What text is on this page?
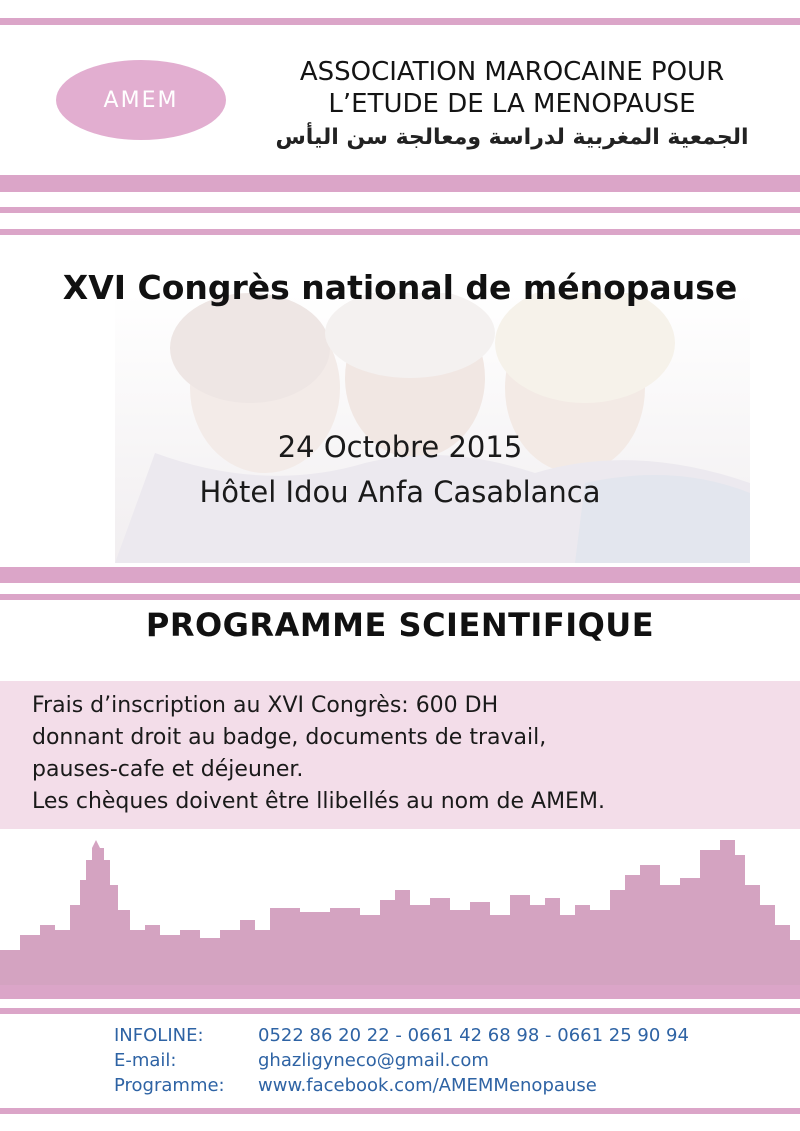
AMEM
ASSOCIATION MAROCAINE POUR
L’ETUDE DE LA MENOPAUSE
الجمعية المغربية لدراسة ومعالجة سن اليأس
XVI Congrès national de ménopause
24 Octobre 2015
Hôtel Idou Anfa Casablanca
PROGRAMME SCIENTIFIQUE
Frais d’inscription au XVI Congrès: 600 DH
donnant droit au badge, documents de travail,
pauses-cafe et déjeuner.
Les chèques doivent être llibellés au nom de AMEM.
INFOLINE:	0522 86 20 22 - 0661 42 68 98 - 0661 25 90 94
E-mail:	ghazligyneco@gmail.com
Programme: www.facebook.com/AMEMMenopause
